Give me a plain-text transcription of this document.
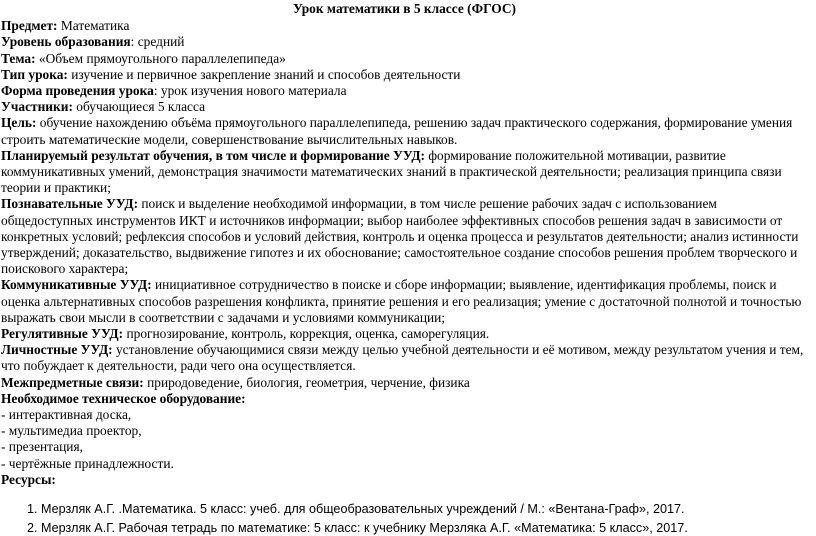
Урок математики в 5 классе (ФГОС)

Предмет: Математика

Уровень образования: средний

Тема: «Объем прямоугольного параллелепипеда»

Тип урока: изучение и первичное закрепление знаний и способов деятельности

Форма проведения урока: урок изучения нового материала

Участники: обучающиеся 5 класса

Цель: обучение нахождению объёма прямоугольного параллелепипеда, решению задач практического содержания, формирование умения строить математические модели, совершенствование вычислительных навыков.

Планируемый результат обучения, в том числе и формирование УУД: формирование положительной мотивации, развитие коммуникативных умений, демонстрация значимости математических знаний в практической деятельности; реализация принципа связи теории и практики;

Познавательные УУД: поиск и выделение необходимой информации, в том числе решение рабочих задач с использованием общедоступных инструментов ИКТ и источников информации; выбор наиболее эффективных способов решения задач в зависимости от конкретных условий; рефлексия способов и условий действия, контроль и оценка процесса и результатов деятельности; анализ истинности утверждений; доказательство, выдвижение гипотез и их обоснование; самостоятельное создание способов решения проблем творческого и поискового характера;

Коммуникативные УУД: инициативное сотрудничество в поиске и сборе информации; выявление, идентификация проблемы, поиск и оценка альтернативных способов разрешения конфликта, принятие решения и его реализация; умение с достаточной полнотой и точностью выражать свои мысли в соответствии с задачами и условиями коммуникации;

Регулятивные УУД: прогнозирование, контроль, коррекция, оценка, саморегуляция.

Личностные УУД: установление обучающимися связи между целью учебной деятельности и её мотивом, между результатом учения и тем, что побуждает к деятельности, ради чего она осуществляется.

Межпредметные связи: природоведение, биология, геометрия, черчение, физика

Необходимое техническое оборудование:

- интерактивная доска,

- мультимедиа проектор,

- презентация,

- чертёжные принадлежности.

Ресурсы:

1. Мерзляк А.Г. .Математика. 5 класс: учеб. для общеобразовательных учреждений / М.: «Вентана-Граф», 2017.
2. Мерзляк А.Г. Рабочая тетрадь по математике: 5 класс: к учебнику Мерзляка А.Г. «Математика: 5 класс», 2017.
